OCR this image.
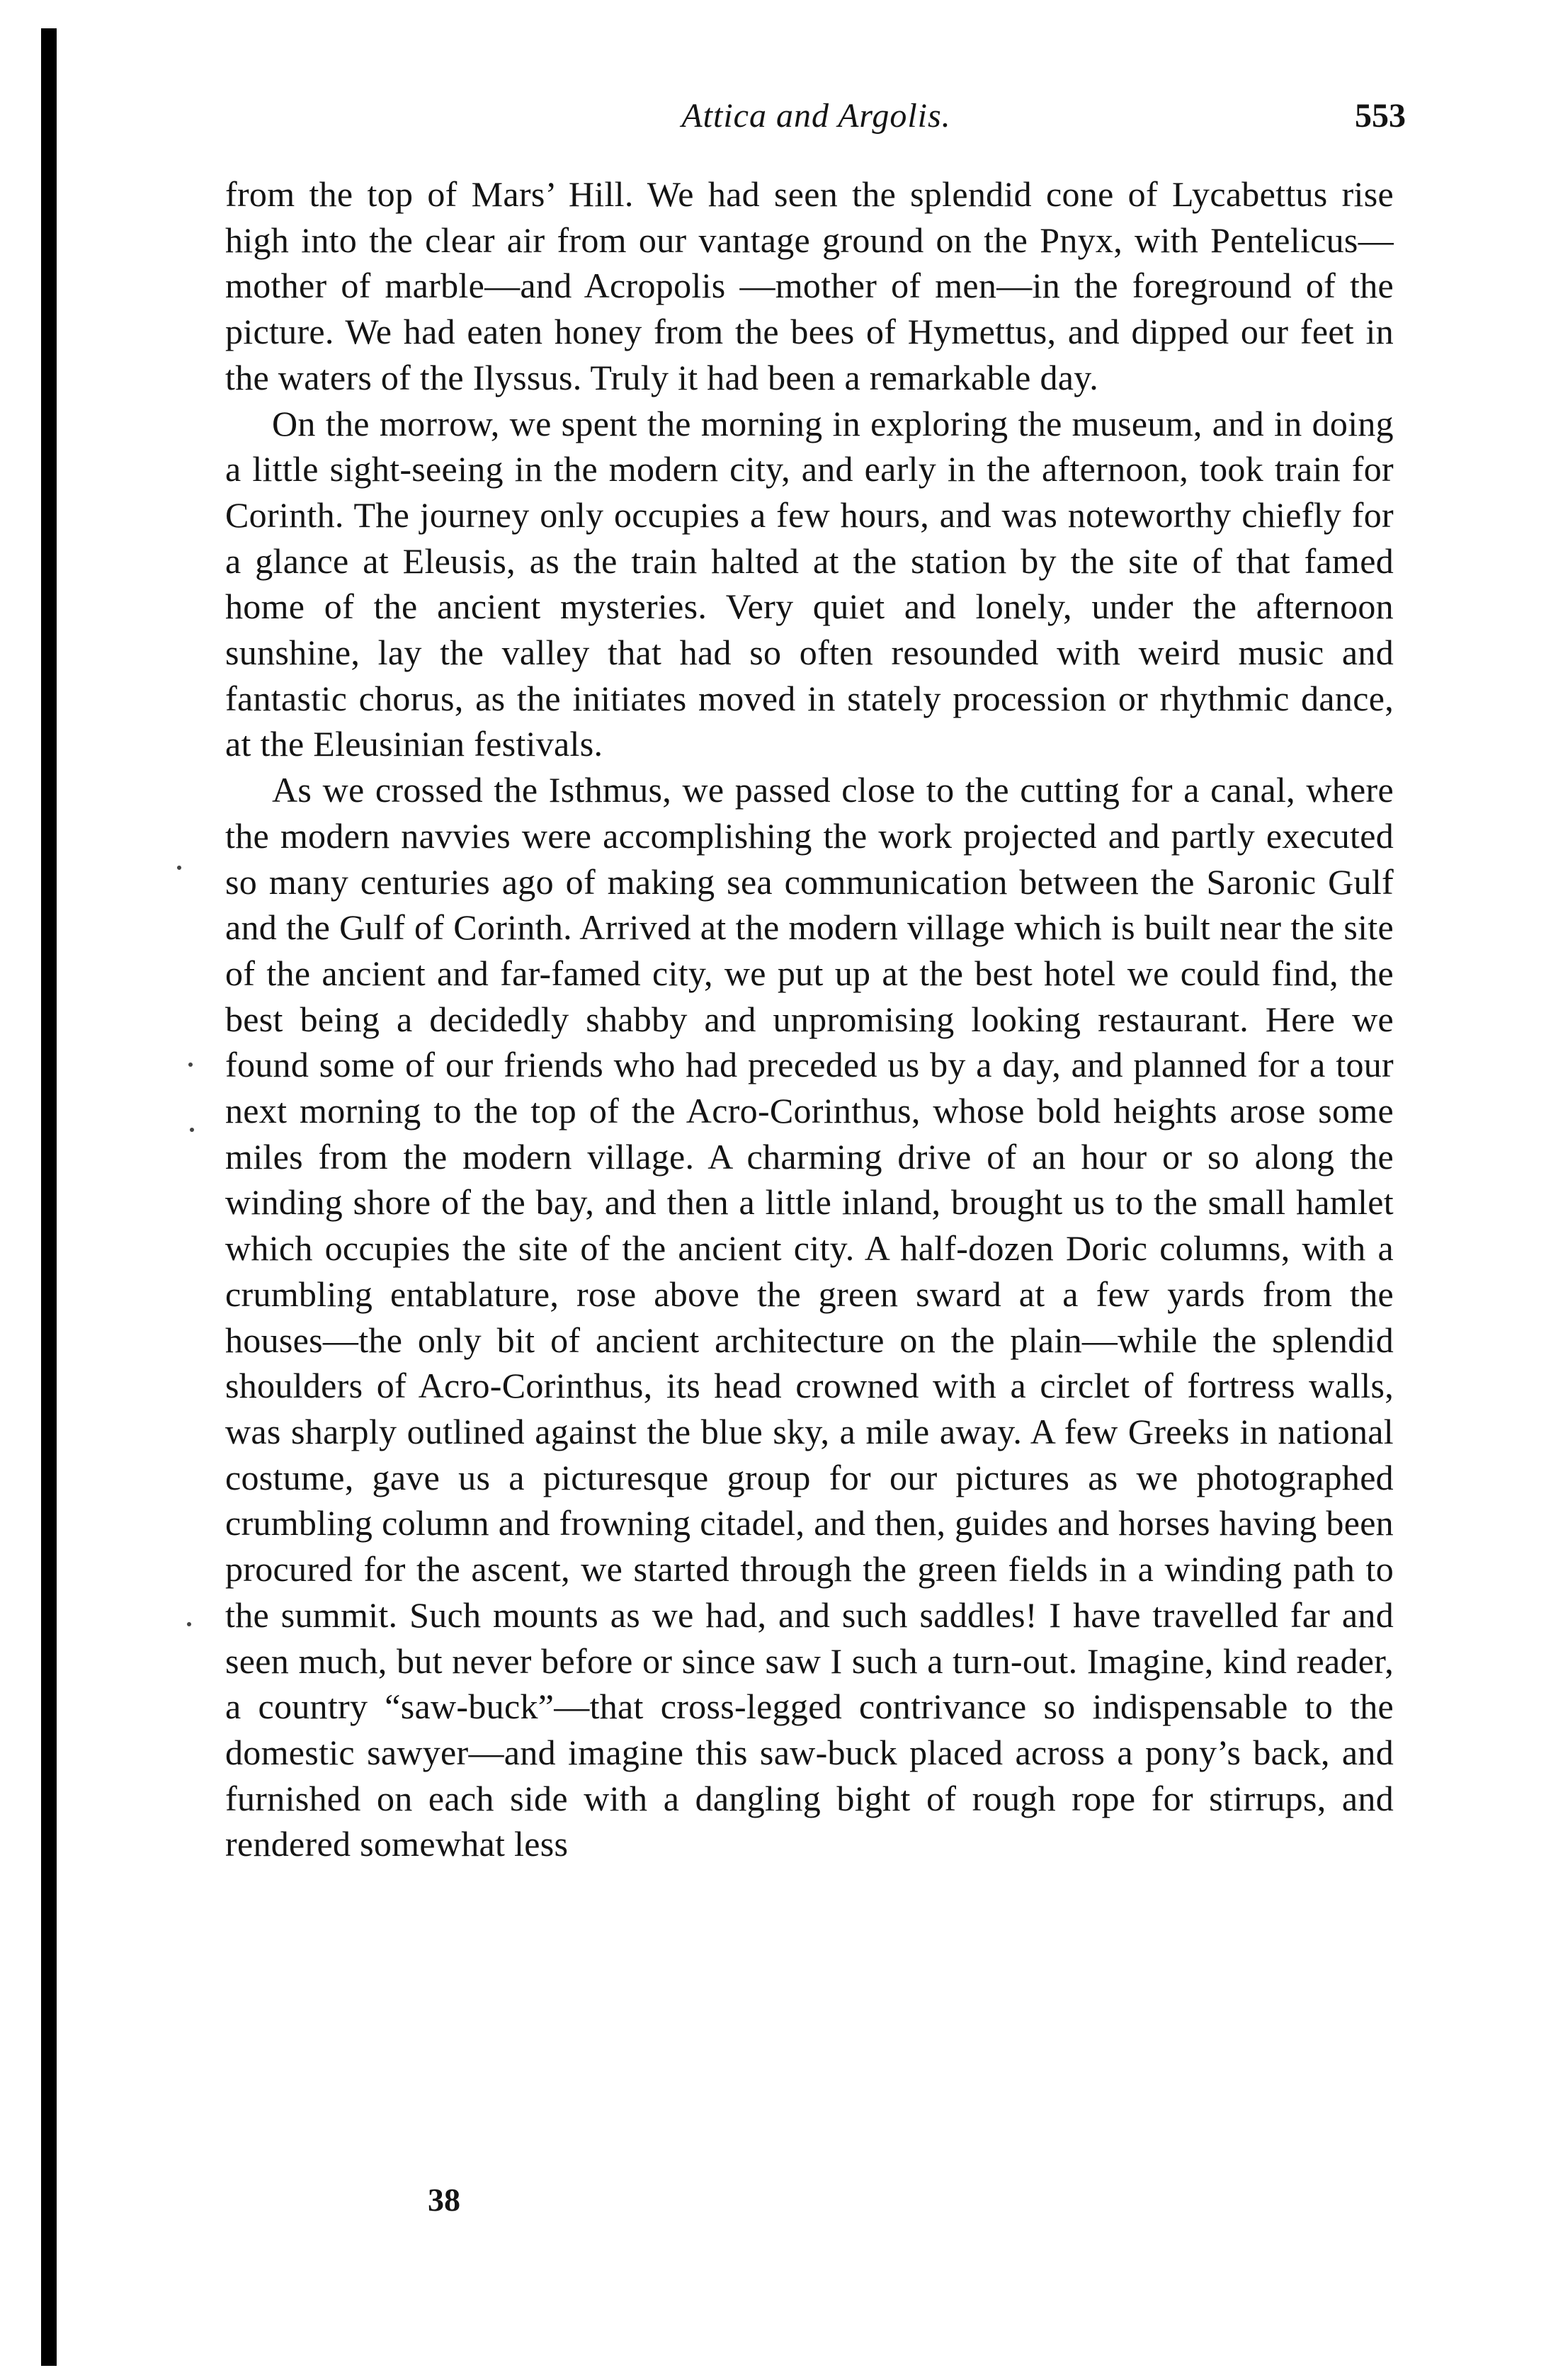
Attica and Argolis.	553

from the top of Mars’ Hill. We had seen the splendid cone of Lycabettus rise high into the clear air from our vantage ground on the Pnyx, with Pentelicus—mother of marble—and Acropolis —mother of men—in the foreground of the picture. We had eaten honey from the bees of Hymettus, and dipped our feet in the waters of the Ilyssus. Truly it had been a remarkable day.

On the morrow, we spent the morning in exploring the museum, and in doing a little sight-seeing in the modern city, and early in the afternoon, took train for Corinth. The journey only occupies a few hours, and was noteworthy chiefly for a glance at Eleusis, as the train halted at the station by the site of that famed home of the ancient mysteries. Very quiet and lonely, under the afternoon sunshine, lay the valley that had so often resounded with weird music and fantastic chorus, as the initiates moved in stately procession or rhythmic dance, at the Eleusinian festivals.

As we crossed the Isthmus, we passed close to the cutting for a canal, where the modern navvies were accomplishing the work projected and partly executed so many centuries ago of making sea communication between the Saronic Gulf and the Gulf of Corinth. Arrived at the modern village which is built near the site of the ancient and far-famed city, we put up at the best hotel we could find, the best being a decidedly shabby and unpromising looking restaurant. Here we found some of our friends who had preceded us by a day, and planned for a tour next morning to the top of the Acro-Corinthus, whose bold heights arose some miles from the modern village. A charming drive of an hour or so along the winding shore of the bay, and then a little inland, brought us to the small hamlet which occupies the site of the ancient city. A half-dozen Doric columns, with a crumbling entablature, rose above the green sward at a few yards from the houses—the only bit of ancient architecture on the plain—while the splendid shoulders of Acro-Corinthus, its head crowned with a circlet of fortress walls, was sharply outlined against the blue sky, a mile away. A few Greeks in national costume, gave us a picturesque group for our pictures as we photographed crumbling column and frowning citadel, and then, guides and horses having been procured for the ascent, we started through the green fields in a winding path to the summit. Such mounts as we had, and such saddles! I have travelled far and seen much, but never before or since saw I such a turn-out. Imagine, kind reader, a country “saw-buck”—that cross-legged contrivance so indispensable to the domestic sawyer—and imagine this saw-buck placed across a pony’s back, and furnished on each side with a dangling bight of rough rope for stirrups, and rendered somewhat less

38
